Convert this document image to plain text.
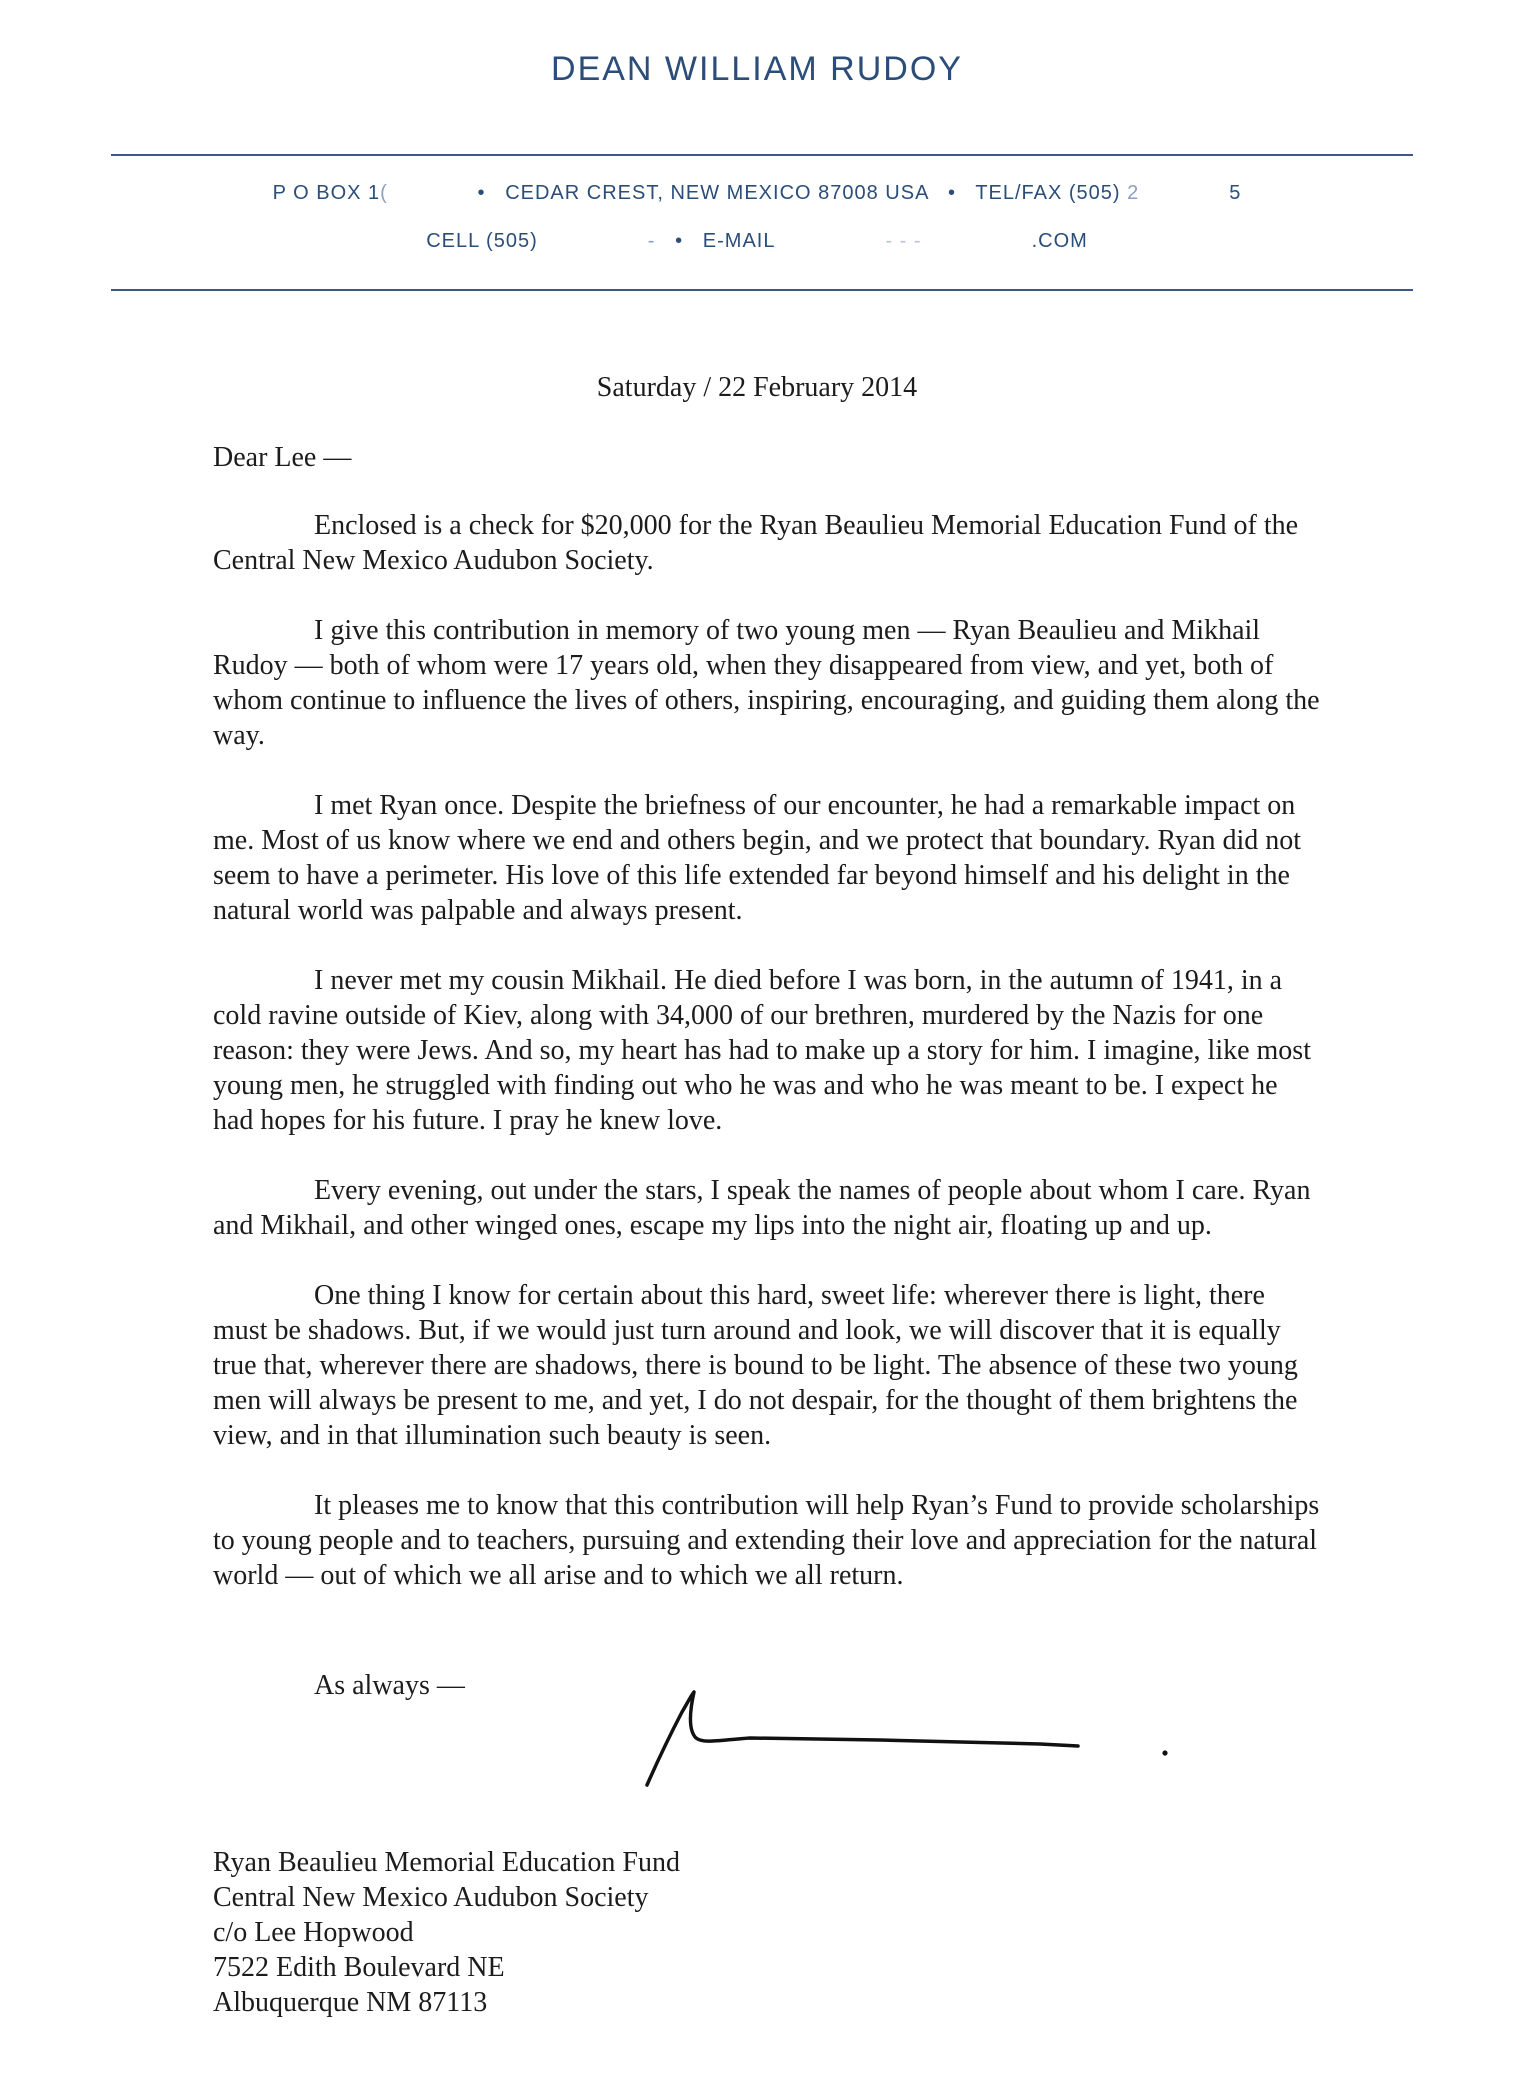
DEAN WILLIAM RUDOY
P O BOX 1(	• CEDAR CREST, NEW MEXICO 87008 USA • TEL/FAX (505) 2	5
CELL (505)	- • E-MAIL	- - -	.COM
Saturday / 22 February 2014
Dear Lee —

Enclosed is a check for $20,000 for the Ryan Beaulieu Memorial Education Fund of the Central New Mexico Audubon Society.

I give this contribution in memory of two young men — Ryan Beaulieu and Mikhail Rudoy — both of whom were 17 years old, when they disappeared from view, and yet, both of whom continue to influence the lives of others, inspiring, encouraging, and guiding them along the way.

I met Ryan once. Despite the briefness of our encounter, he had a remarkable impact on me. Most of us know where we end and others begin, and we protect that boundary. Ryan did not seem to have a perimeter. His love of this life extended far beyond himself and his delight in the natural world was palpable and always present.

I never met my cousin Mikhail. He died before I was born, in the autumn of 1941, in a cold ravine outside of Kiev, along with 34,000 of our brethren, murdered by the Nazis for one reason: they were Jews. And so, my heart has had to make up a story for him. I imagine, like most young men, he struggled with finding out who he was and who he was meant to be. I expect he had hopes for his future. I pray he knew love.

Every evening, out under the stars, I speak the names of people about whom I care. Ryan and Mikhail, and other winged ones, escape my lips into the night air, floating up and up.

One thing I know for certain about this hard, sweet life: wherever there is light, there must be shadows. But, if we would just turn around and look, we will discover that it is equally true that, wherever there are shadows, there is bound to be light. The absence of these two young men will always be present to me, and yet, I do not despair, for the thought of them brightens the view, and in that illumination such beauty is seen.

It pleases me to know that this contribution will help Ryan’s Fund to provide scholarships to young people and to teachers, pursuing and extending their love and appreciation for the natural world — out of which we all arise and to which we all return.

As always —
Ryan Beaulieu Memorial Education Fund
Central New Mexico Audubon Society
c/o Lee Hopwood
7522 Edith Boulevard NE
Albuquerque NM 87113
